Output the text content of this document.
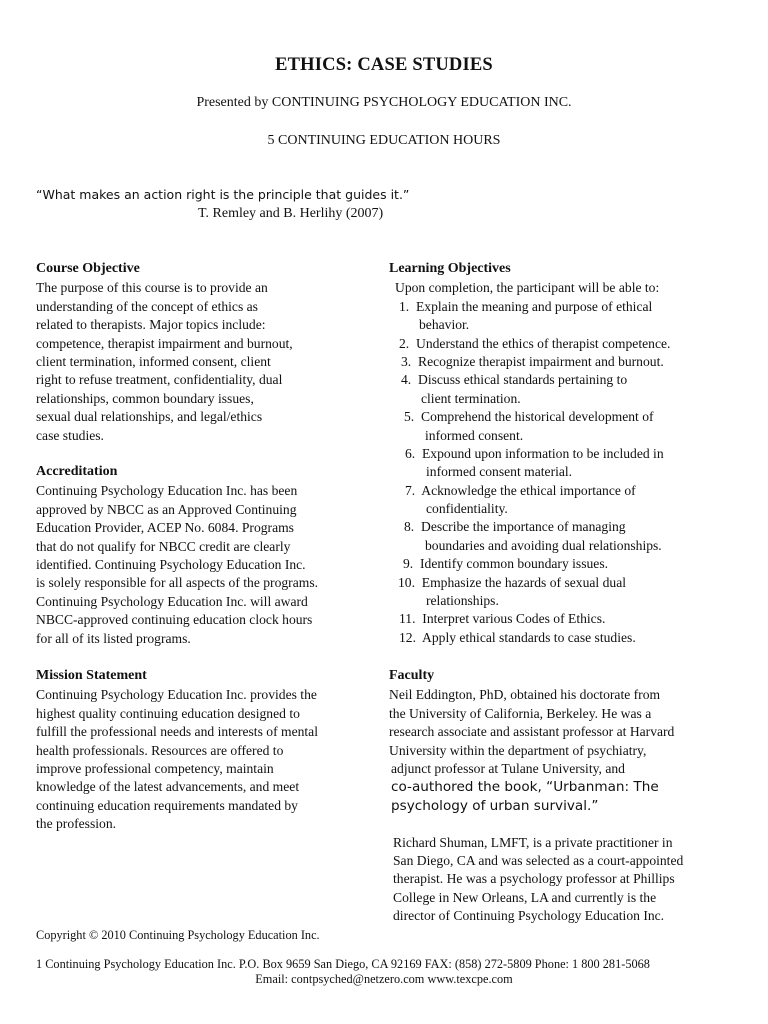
ETHICS: CASE STUDIES
Presented by CONTINUING PSYCHOLOGY EDUCATION INC.
5 CONTINUING EDUCATION HOURS
“What makes an action right is the principle that guides it.”
T. Remley and B. Herlihy (2007)
Course Objective
The purpose of this course is to provide an
understanding of the concept of ethics as
related to therapists. Major topics include:
competence, therapist impairment and burnout,
client termination, informed consent, client
right to refuse treatment, confidentiality, dual
relationships, common boundary issues,
sexual dual relationships, and legal/ethics
case studies.
Accreditation
Continuing Psychology Education Inc. has been
approved by NBCC as an Approved Continuing
Education Provider, ACEP No. 6084. Programs
that do not qualify for NBCC credit are clearly
identified. Continuing Psychology Education Inc.
is solely responsible for all aspects of the programs.
Continuing Psychology Education Inc. will award
NBCC-approved continuing education clock hours
for all of its listed programs.
Mission Statement
Continuing Psychology Education Inc. provides the
highest quality continuing education designed to
fulfill the professional needs and interests of mental
health professionals. Resources are offered to
improve professional competency, maintain
knowledge of the latest advancements, and meet
continuing education requirements mandated by
the profession.
Learning Objectives
Upon completion, the participant will be able to:
1. Explain the meaning and purpose of ethical
behavior.
2. Understand the ethics of therapist competence.
3. Recognize therapist impairment and burnout.
4. Discuss ethical standards pertaining to
client termination.
5. Comprehend the historical development of
informed consent.
6. Expound upon information to be included in
informed consent material.
7. Acknowledge the ethical importance of
confidentiality.
8. Describe the importance of managing
boundaries and avoiding dual relationships.
9. Identify common boundary issues.
10. Emphasize the hazards of sexual dual
relationships.
11. Interpret various Codes of Ethics.
12. Apply ethical standards to case studies.
Faculty
Neil Eddington, PhD, obtained his doctorate from
the University of California, Berkeley. He was a
research associate and assistant professor at Harvard
University within the department of psychiatry,
adjunct professor at Tulane University, and
co-authored the book, “Urbanman: The
psychology of urban survival.”
Richard Shuman, LMFT, is a private practitioner in
San Diego, CA and was selected as a court-appointed
therapist. He was a psychology professor at Phillips
College in New Orleans, LA and currently is the
director of Continuing Psychology Education Inc.
Copyright © 2010 Continuing Psychology Education Inc.
1 Continuing Psychology Education Inc. P.O. Box 9659 San Diego, CA 92169 FAX: (858) 272-5809 Phone: 1 800 281-5068
Email: contpsyched@netzero.com www.texcpe.com
